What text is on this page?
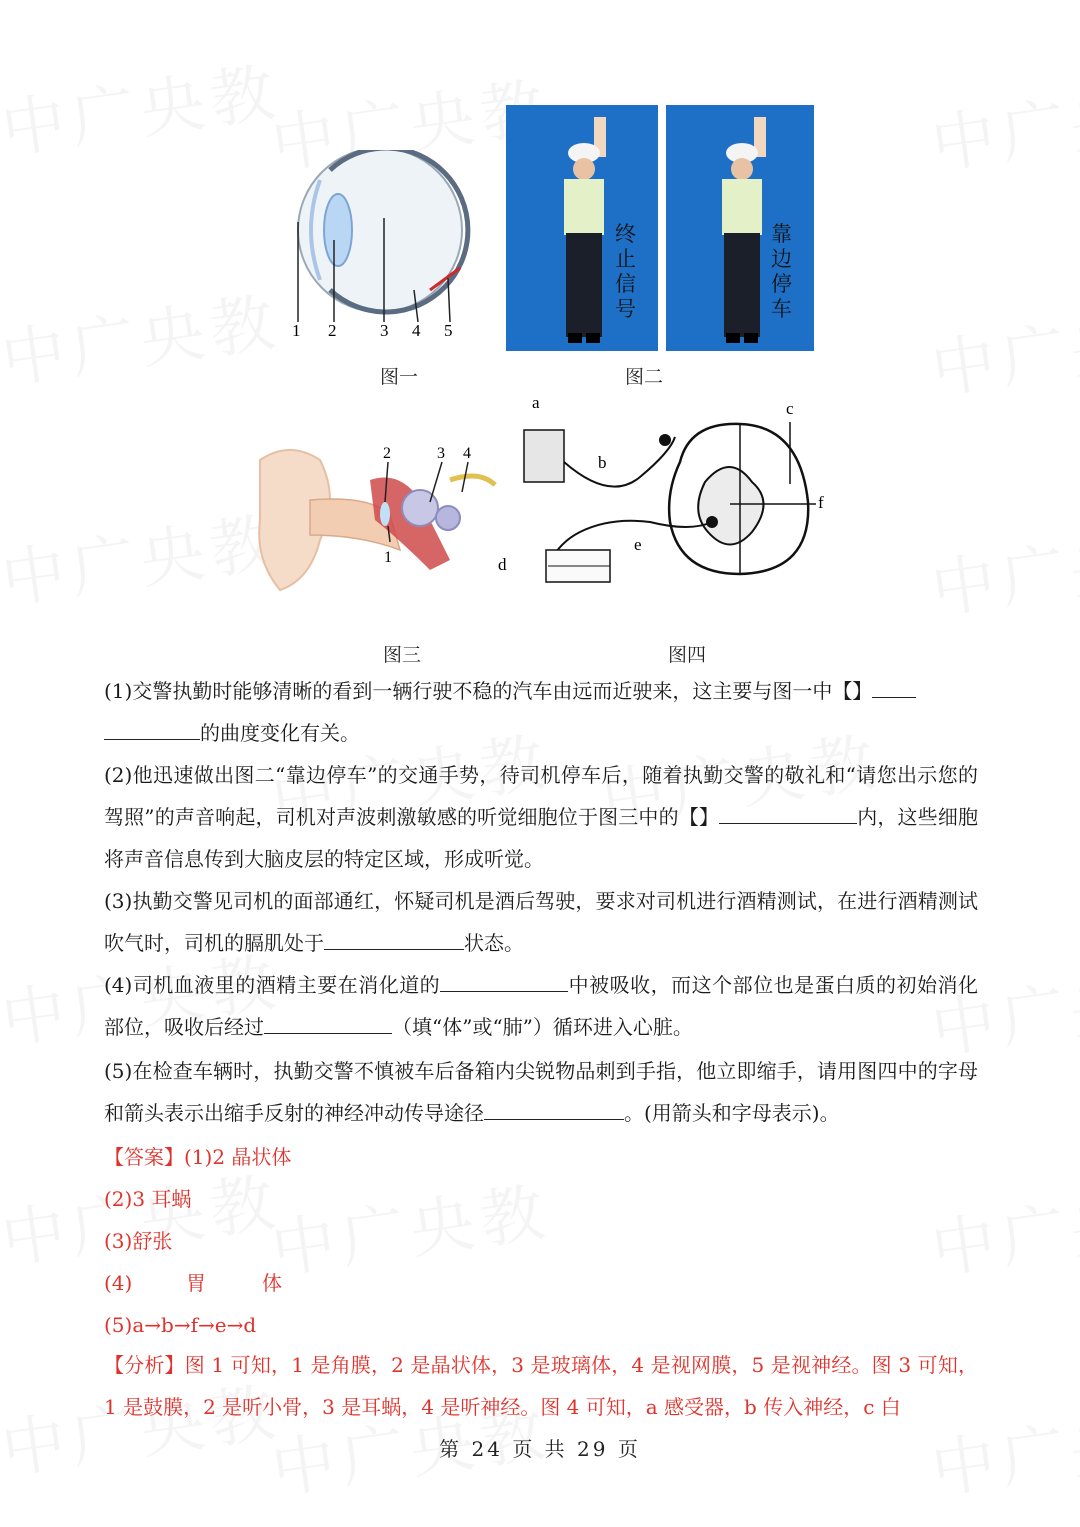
1 2	3 4 5
图一
终止信号
靠边停车
图二
1
2	3 4
图三
a
b
c
d
e
f
图四
(1)交警执勤时能够清晰的看到一辆行驶不稳的汽车由远而近驶来，这主要与图一中【】
的曲度变化有关。
(2)他迅速做出图二“靠边停车”的交通手势，待司机停车后，随着执勤交警的敬礼和“请您出示您的驾照”的声音响起，司机对声波刺激敏感的听觉细胞位于图三中的【】	内，这些细胞将声音信息传到大脑皮层的特定区域，形成听觉。
(3)执勤交警见司机的面部通红，怀疑司机是酒后驾驶，要求对司机进行酒精测试，在进行酒精测试吹气时，司机的膈肌处于	状态。
(4)司机血液里的酒精主要在消化道的	中被吸收，而这个部位也是蛋白质的初始消化部位，吸收后经过	（填“体”或“肺”）循环进入心脏。
(5)在检查车辆时，执勤交警不慎被车后备箱内尖锐物品刺到手指，他立即缩手，请用图四中的字母和箭头表示出缩手反射的神经冲动传导途径	。(用箭头和字母表示)。
【答案】(1)2 晶状体
(2)3 耳蜗
(3)舒张
(4)	胃	体
(5)a→b→f→e→d
【分析】图 1 可知，1 是角膜，2 是晶状体，3 是玻璃体，4 是视网膜，5 是视神经。图 3 可知，1 是鼓膜，2 是听小骨，3 是耳蜗，4 是听神经。图 4 可知，a 感受器，b 传入神经，c 白
第 24 页 共 29 页
